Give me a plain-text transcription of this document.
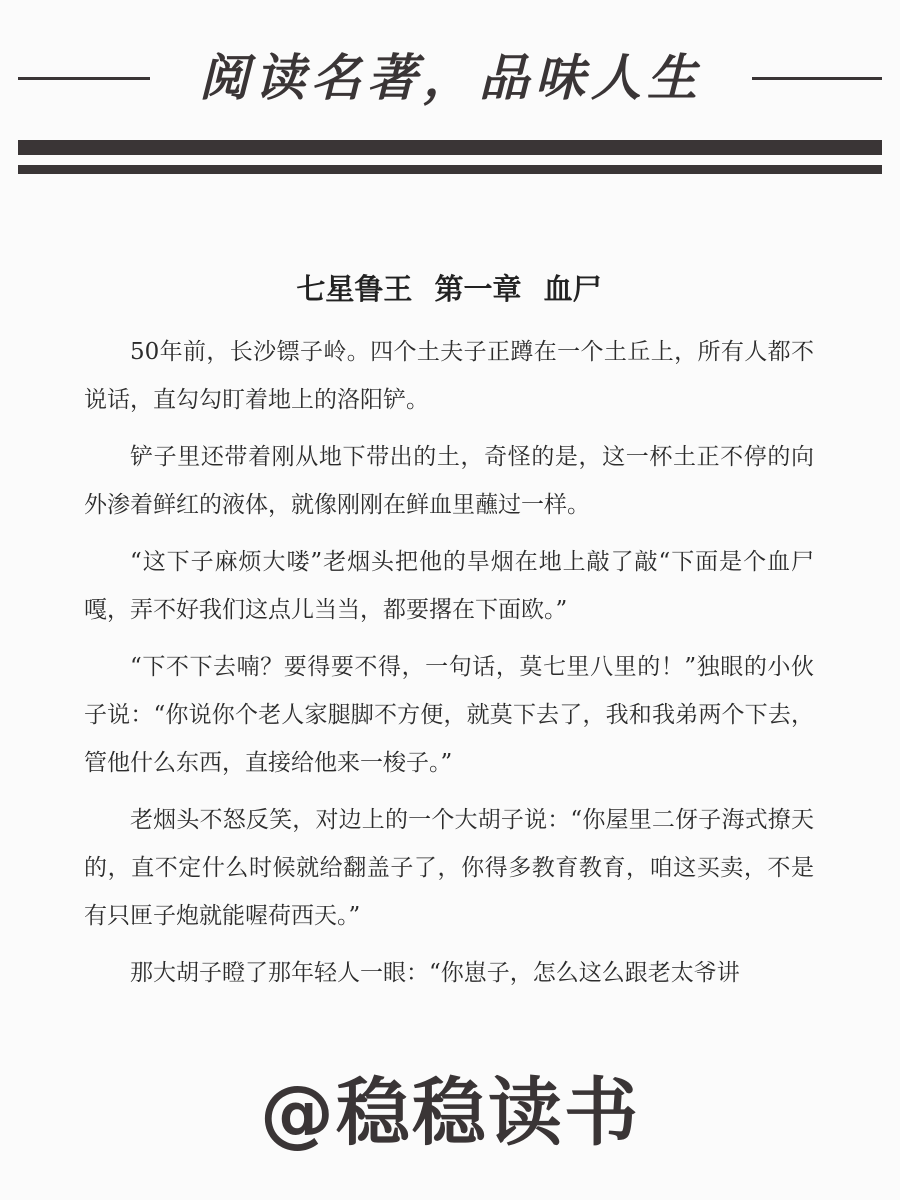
阅读名著，品味人生
七星鲁王 第一章 血尸

50年前，长沙镖子岭。四个土夫子正蹲在一个土丘上，所有人都不说话，直勾勾盯着地上的洛阳铲。

铲子里还带着刚从地下带出的土，奇怪的是，这一杯土正不停的向外渗着鲜红的液体，就像刚刚在鲜血里蘸过一样。

“这下子麻烦大喽”老烟头把他的旱烟在地上敲了敲“下面是个血尸嘎，弄不好我们这点儿当当，都要撂在下面欧。”

“下不下去喃？要得要不得，一句话，莫七里八里的！”独眼的小伙子说：“你说你个老人家腿脚不方便，就莫下去了，我和我弟两个下去，管他什么东西，直接给他来一梭子。”

老烟头不怒反笑，对边上的一个大胡子说：“你屋里二伢子海式撩天的，直不定什么时候就给翻盖子了，你得多教育教育，咱这买卖，不是有只匣子炮就能喔荷西天。”

那大胡子瞪了那年轻人一眼：“你崽子，怎么这么跟老太爷讲

@稳稳读书
